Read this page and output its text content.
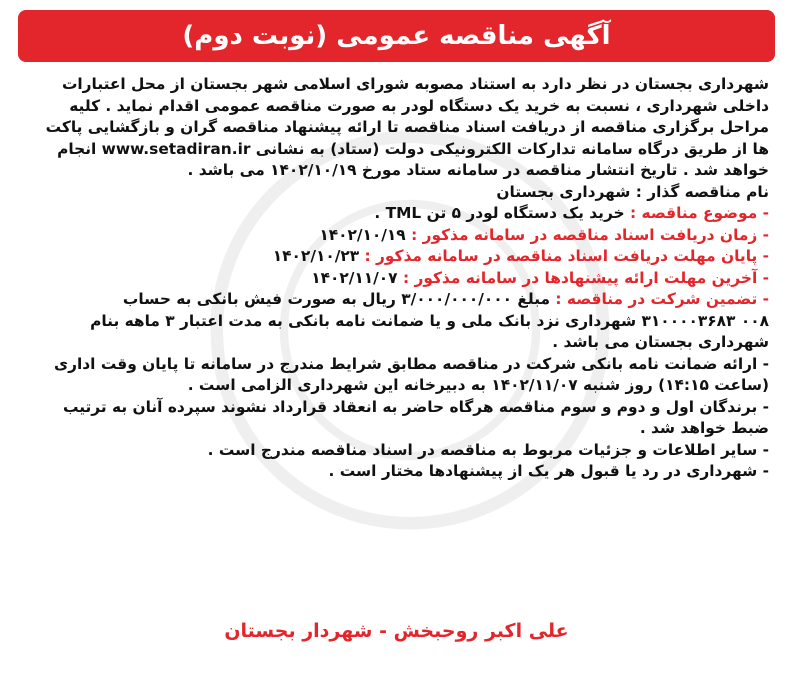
آگهی مناقصه عمومی (نوبت دوم)
شهرداری بجستان در نظر دارد به استناد مصوبه شورای اسلامی شهر بجستان از محل اعتبارات
داخلی شهرداری ، نسبت به خرید یک دستگاه لودر به صورت مناقصه عمومی اقدام نماید . کلیه
مراحل برگزاری مناقصه از دریافت اسناد مناقصه تا ارائه پیشنهاد مناقصه گران و بازگشایی پاکت
ها از طریق درگاه سامانه تدارکات الکترونیکی دولت (ستاد) به نشانی www.setadiran.ir انجام
خواهد شد . تاریخ انتشار مناقصه در سامانه ستاد مورخ ۱۴۰۲/۱۰/۱۹ می باشد .
نام مناقصه گذار : شهرداری بجستان
- موضوع مناقصه : خرید یک دستگاه لودر ۵ تن TML .
- زمان دریافت اسناد مناقصه در سامانه مذکور : ۱۴۰۲/۱۰/۱۹
- پایان مهلت دریافت اسناد مناقصه در سامانه مذکور : ۱۴۰۲/۱۰/۲۳
- آخرین مهلت ارائه پیشنهادها در سامانه مذکور : ۱۴۰۲/۱۱/۰۷
- تضمین شرکت در مناقصه : مبلغ ۳/۰۰۰/۰۰۰/۰۰۰ ریال به صورت فیش بانکی به حساب
۰۰۸ ۳۱۰۰۰۰۳۶۸۳ شهرداری نزد بانک ملی و یا ضمانت نامه بانکی به مدت اعتبار ۳ ماهه بنام
شهرداری بجستان می باشد .
- ارائه ضمانت نامه بانکی شرکت در مناقصه مطابق شرایط مندرج در سامانه تا پایان وقت اداری
(ساعت ۱۴:۱۵) روز شنبه ۱۴۰۲/۱۱/۰۷ به دبیرخانه این شهرداری الزامی است .
- برندگان اول و دوم و سوم مناقصه هرگاه حاضر به انعقاد قرارداد نشوند سپرده آنان به ترتیب
ضبط خواهد شد .
- سایر اطلاعات و جزئیات مربوط به مناقصه در اسناد مناقصه مندرج است .
- شهرداری در رد یا قبول هر یک از پیشنهادها مختار است .
علی اکبر روحبخش - شهردار بجستان
